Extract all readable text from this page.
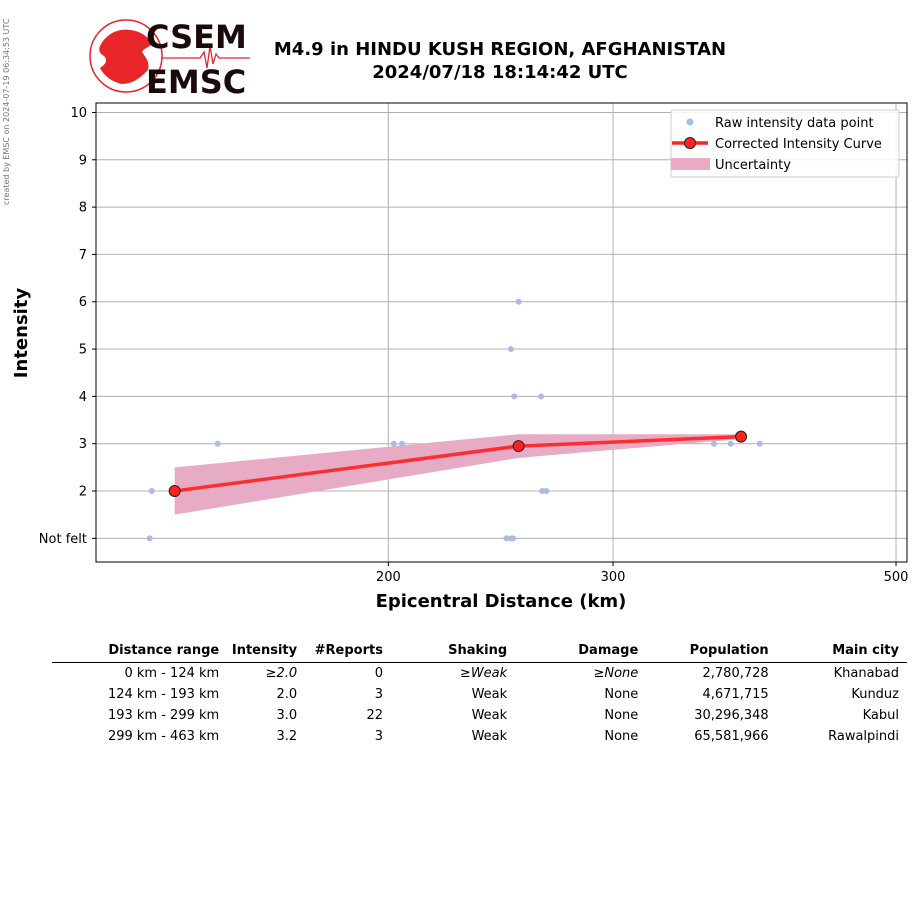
created by EMSC on 2024-07-19 06:34:53 UTC	CSEM
EMSC
M4.9 in HINDU KUSH REGION, AFGHANISTAN
2024/07/18 18:14:42 UTC
Not felt
2
3
4
5
6
7
8
9
10
200	300	500
Epicentral Distance (km)
Intensity
Raw intensity data point
Corrected Intensity Curve
Uncertainty
Distance range	Intensity	#Reports	Shaking	Damage	Population	Main city
0 km - 124 km	≥2.0	0	≥Weak	≥None	2,780,728	Khanabad
124 km - 193 km	2.0	3	Weak	None	4,671,715	Kunduz
193 km - 299 km	3.0	22	Weak	None	30,296,348	Kabul
299 km - 463 km	3.2	3	Weak	None	65,581,966	Rawalpindi
